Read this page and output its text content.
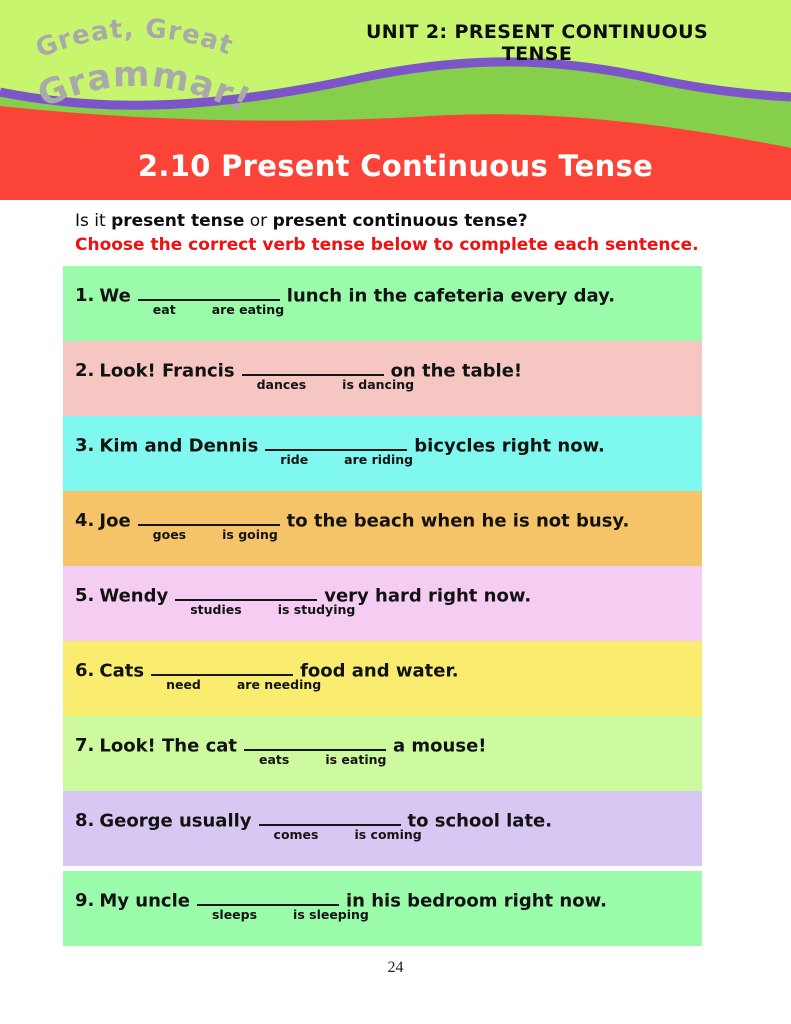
Great, Great
Grammar!
UNIT 2: PRESENT CONTINUOUS TENSE
2.10 Present Continuous Tense

Is it present tense or present continuous tense?

Choose the correct verb tense below to complete each sentence.

1. We
eat	are eating
lunch in the cafeteria every day.

2. Look! Francis
dances	is dancing
on the table!

3. Kim and Dennis
ride	are riding
bicycles right now.

4. Joe
goes	is going
to the beach when he is not busy.

5. Wendy
studies	is studying
very hard right now.

6. Cats
need	are needing
food and water.

7. Look! The cat
eats	is eating
a mouse!

8. George usually
comes	is coming
to school late.

9. My uncle
sleeps	is sleeping
in his bedroom right now.

24
